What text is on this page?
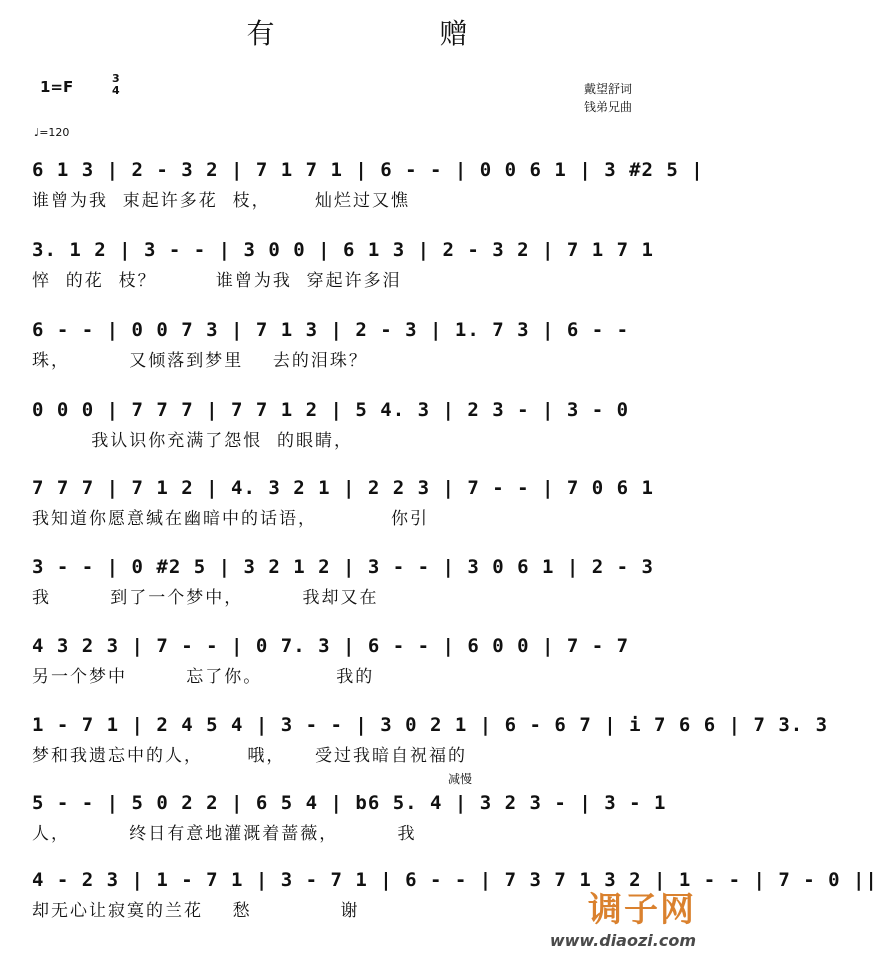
有 赠
1=F	3
4
♩=120
戴望舒词
钱弟兄曲
6 1 3 | 2 - 3 2 | 7 1 7 1 | 6 - - | 0 0 6 1 | 3 #2 5 |
谁曾为我  束起许多花  枝，      灿烂过又憔
3. 1 2 | 3 - - | 3 0 0 | 6 1 3 | 2 - 3 2 | 7 1 7 1
悴  的花  枝？        谁曾为我  穿起许多泪
6 - - | 0 0 7 3 | 7 1 3 | 2 - 3 | 1. 7 3 | 6 - -
珠，        又倾落到梦里    去的泪珠？
0 0 0 | 7 7 7 | 7 7 1 2 | 5 4. 3 | 2 3 - | 3 - 0
我认识你充满了怨恨  的眼睛，
7 7 7 | 7 1 2 | 4. 3 2 1 | 2 2 3 | 7 - - | 7 0 6 1
我知道你愿意缄在幽暗中的话语，          你引
3 - - | 0 #2 5 | 3 2 1 2 | 3 - - | 3 0 6 1 | 2 - 3
我        到了一个梦中，        我却又在
4 3 2 3 | 7 - - | 0 7. 3 | 6 - - | 6 0 0 | 7 - 7
另一个梦中        忘了你。          我的
1 - 7 1 | 2 4 5 4 | 3 - - | 3 0 2 1 | 6 - 6 7 | i 7 6 6 | 7 3. 3
梦和我遗忘中的人，      哦，    受过我暗自祝福的
减慢
5 - - | 5 0 2 2 | 6 5 4 | b6 5. 4 | 3 2 3 - | 3 - 1
人，        终日有意地灌溉着蔷薇，        我
4 - 2 3 | 1 - 7 1 | 3 - 7 1 | 6 - - | 7 3 7 1 3 2 | 1 - - | 7 - 0 ||
却无心让寂寞的兰花    愁            谢	调子网
www.diaozi.com
